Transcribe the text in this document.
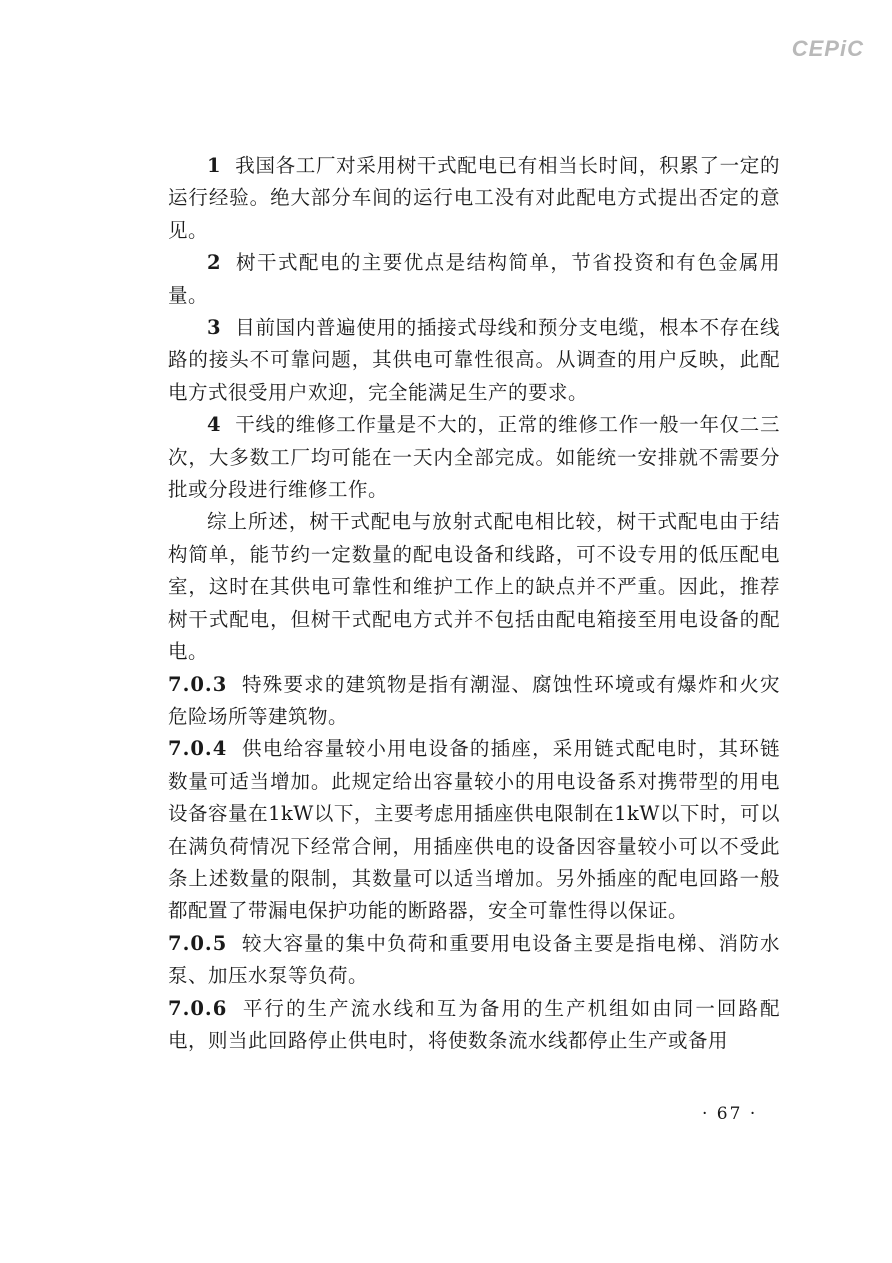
CEPiC

1 我国各工厂对采用树干式配电已有相当长时间，积累了一定的运行经验。绝大部分车间的运行电工没有对此配电方式提出否定的意见。

2 树干式配电的主要优点是结构简单，节省投资和有色金属用量。

3 目前国内普遍使用的插接式母线和预分支电缆，根本不存在线路的接头不可靠问题，其供电可靠性很高。从调查的用户反映，此配电方式很受用户欢迎，完全能满足生产的要求。

4 干线的维修工作量是不大的，正常的维修工作一般一年仅二三次，大多数工厂均可能在一天内全部完成。如能统一安排就不需要分批或分段进行维修工作。

综上所述，树干式配电与放射式配电相比较，树干式配电由于结构简单，能节约一定数量的配电设备和线路，可不设专用的低压配电室，这时在其供电可靠性和维护工作上的缺点并不严重。因此，推荐树干式配电，但树干式配电方式并不包括由配电箱接至用电设备的配电。

7.0.3 特殊要求的建筑物是指有潮湿、腐蚀性环境或有爆炸和火灾危险场所等建筑物。

7.0.4 供电给容量较小用电设备的插座，采用链式配电时，其环链数量可适当增加。此规定给出容量较小的用电设备系对携带型的用电设备容量在1kW以下，主要考虑用插座供电限制在1kW以下时，可以在满负荷情况下经常合闸，用插座供电的设备因容量较小可以不受此条上述数量的限制，其数量可以适当增加。另外插座的配电回路一般都配置了带漏电保护功能的断路器，安全可靠性得以保证。

7.0.5 较大容量的集中负荷和重要用电设备主要是指电梯、消防水泵、加压水泵等负荷。

7.0.6 平行的生产流水线和互为备用的生产机组如由同一回路配电，则当此回路停止供电时，将使数条流水线都停止生产或备用

· 67 ·
